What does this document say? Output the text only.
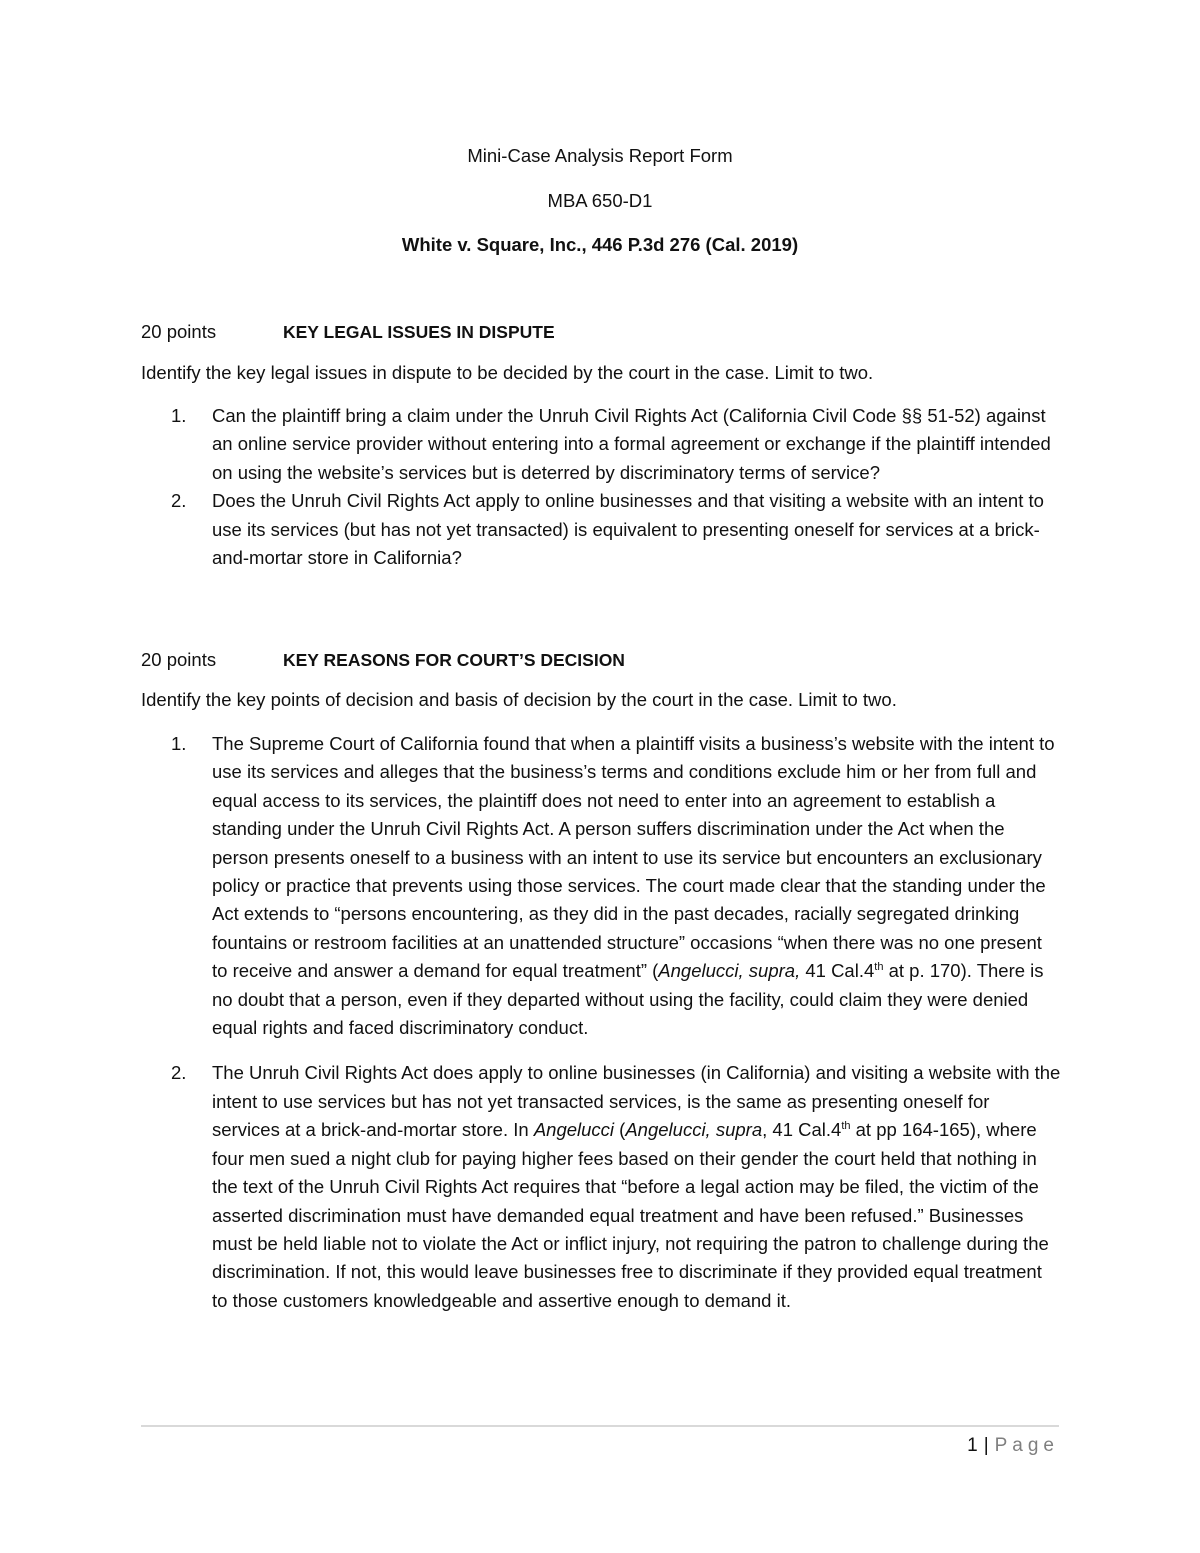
Mini-Case Analysis Report Form
MBA 650-D1
White v. Square, Inc., 446 P.3d 276 (Cal. 2019)
20 points	KEY LEGAL ISSUES IN DISPUTE
Identify the key legal issues in dispute to be decided by the court in the case. Limit to two.
1. Can the plaintiff bring a claim under the Unruh Civil Rights Act (California Civil Code §§ 51-52) against an online service provider without entering into a formal agreement or exchange if the plaintiff intended on using the website’s services but is deterred by discriminatory terms of service?
2. Does the Unruh Civil Rights Act apply to online businesses and that visiting a website with an intent to use its services (but has not yet transacted) is equivalent to presenting oneself for services at a brick-and-mortar store in California?
20 points	KEY REASONS FOR COURT’S DECISION
Identify the key points of decision and basis of decision by the court in the case. Limit to two.
1. The Supreme Court of California found that when a plaintiff visits a business’s website with the intent to use its services and alleges that the business’s terms and conditions exclude him or her from full and equal access to its services, the plaintiff does not need to enter into an agreement to establish a standing under the Unruh Civil Rights Act. A person suffers discrimination under the Act when the person presents oneself to a business with an intent to use its service but encounters an exclusionary policy or practice that prevents using those services. The court made clear that the standing under the Act extends to “persons encountering, as they did in the past decades, racially segregated drinking fountains or restroom facilities at an unattended structure” occasions “when there was no one present to receive and answer a demand for equal treatment” (Angelucci, supra, 41 Cal.4th at p. 170). There is no doubt that a person, even if they departed without using the facility, could claim they were denied equal rights and faced discriminatory conduct.
2. The Unruh Civil Rights Act does apply to online businesses (in California) and visiting a website with the intent to use services but has not yet transacted services, is the same as presenting oneself for services at a brick-and-mortar store. In Angelucci (Angelucci, supra, 41 Cal.4th at pp 164-165), where four men sued a night club for paying higher fees based on their gender the court held that nothing in the text of the Unruh Civil Rights Act requires that “before a legal action may be filed, the victim of the asserted discrimination must have demanded equal treatment and have been refused.” Businesses must be held liable not to violate the Act or inflict injury, not requiring the patron to challenge during the discrimination. If not, this would leave businesses free to discriminate if they provided equal treatment to those customers knowledgeable and assertive enough to demand it.
1 | Page
